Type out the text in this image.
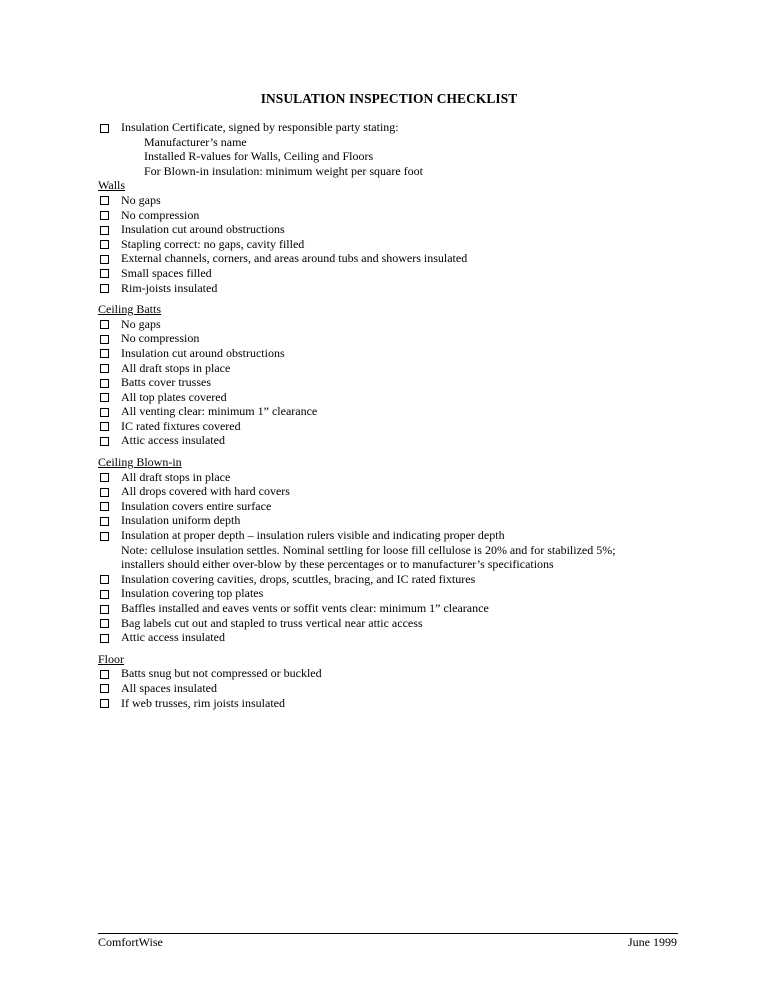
INSULATION INSPECTION CHECKLIST
Insulation Certificate, signed by responsible party stating:
Manufacturer’s name
Installed R-values for Walls, Ceiling and Floors
For Blown-in insulation: minimum weight per square foot
Walls
No gaps
No compression
Insulation cut around obstructions
Stapling correct: no gaps, cavity filled
External channels, corners, and areas around tubs and showers insulated
Small spaces filled
Rim-joists insulated
Ceiling Batts
No gaps
No compression
Insulation cut around obstructions
All draft stops in place
Batts cover trusses
All top plates covered
All venting clear: minimum 1” clearance
IC rated fixtures covered
Attic access insulated
Ceiling Blown-in
All draft stops in place
All drops covered with hard covers
Insulation covers entire surface
Insulation uniform depth
Insulation at proper depth – insulation rulers visible and indicating proper depth
Note: cellulose insulation settles. Nominal settling for loose fill cellulose is 20% and for stabilized 5%;
installers should either over-blow by these percentages or to manufacturer’s specifications
Insulation covering cavities, drops, scuttles, bracing, and IC rated fixtures
Insulation covering top plates
Baffles installed and eaves vents or soffit vents clear: minimum 1” clearance
Bag labels cut out and stapled to truss vertical near attic access
Attic access insulated
Floor
Batts snug but not compressed or buckled
All spaces insulated
If web trusses, rim joists insulated
ComfortWise	June 1999
